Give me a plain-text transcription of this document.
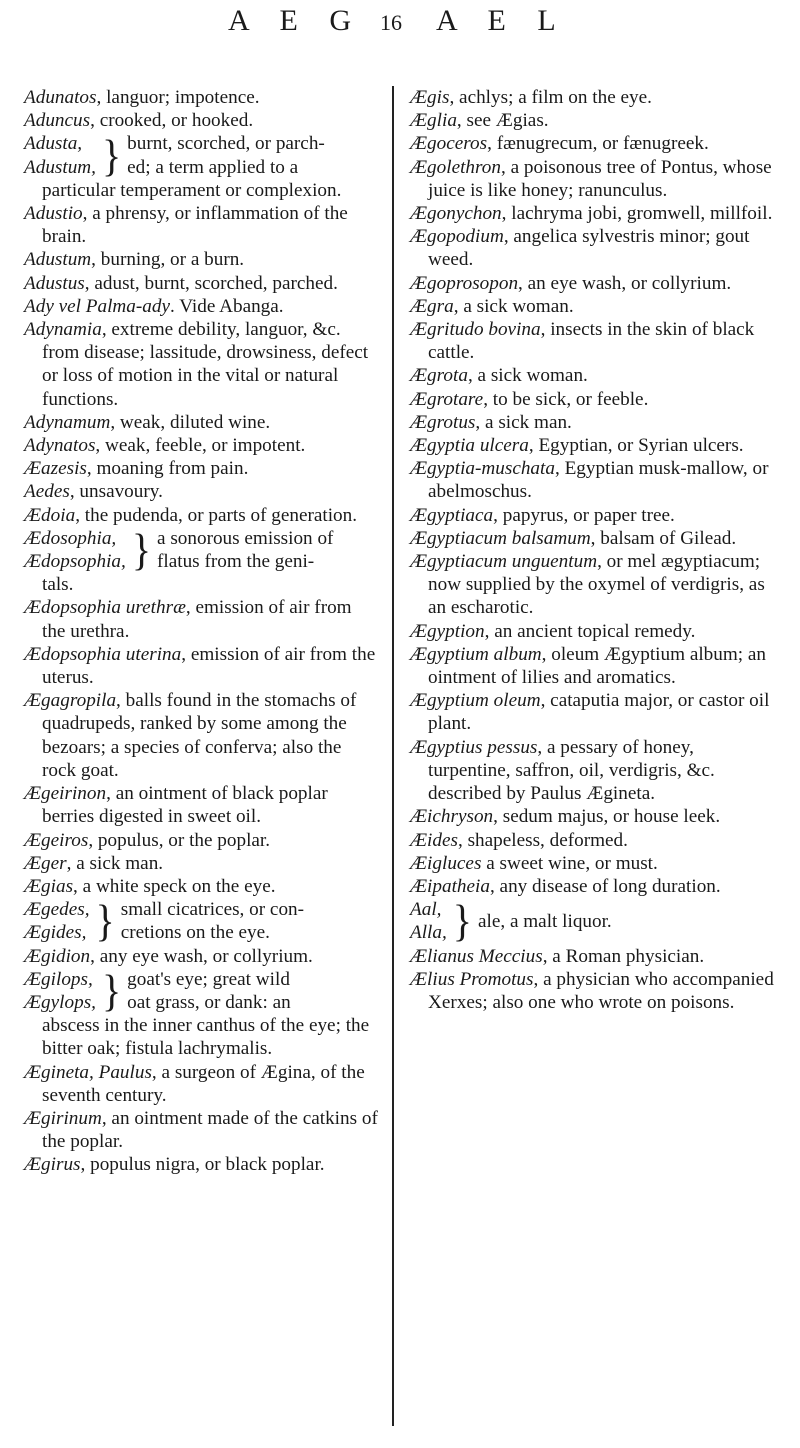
A E G 16 A E L
Adunatos, languor; impotence.
Aduncus, crooked, or hooked.
Adusta,
Adustum, } burnt, scorched, or parch-
ed; a term applied to a
particular temperament or complexion.
Adustio, a phrensy, or inflammation of the brain.
Adustum, burning, or a burn.
Adustus, adust, burnt, scorched, parched.
Ady vel Palma-ady. Vide Abanga.
Adynamia, extreme debility, languor, &c. from disease; lassitude, drowsiness, defect or loss of motion in the vital or natural functions.
Adynamum, weak, diluted wine.
Adynatos, weak, feeble, or impotent.
Æazesis, moaning from pain.
Aedes, unsavoury.
Ædoia, the pudenda, or parts of generation.
Ædosophia,
Ædopsophia, } a sonorous emission of
flatus from the geni-
tals.
Ædopsophia urethræ, emission of air from the urethra.
Ædopsophia uterina, emission of air from the uterus.
Ægagropila, balls found in the stomachs of quadrupeds, ranked by some among the bezoars; a species of conferva; also the rock goat.
Ægeirinon, an ointment of black poplar berries digested in sweet oil.
Ægeiros, populus, or the poplar.
Æger, a sick man.
Ægias, a white speck on the eye.
Ægedes,
Ægides, } small cicatrices, or con-
cretions on the eye.
Ægidion, any eye wash, or collyrium.
Ægilops,
Ægylops, } goat's eye; great wild
oat grass, or dank: an
abscess in the inner canthus of the eye; the bitter oak; fistula lachrymalis.
Ægineta, Paulus, a surgeon of Ægina, of the seventh century.
Ægirinum, an ointment made of the catkins of the poplar.
Ægirus, populus nigra, or black poplar.
Ægis, achlys; a film on the eye.
Æglia, see Ægias.
Ægoceros, fænugrecum, or fænugreek.
Ægolethron, a poisonous tree of Pontus, whose juice is like honey; ranunculus.
Ægonychon, lachryma jobi, gromwell, millfoil.
Ægopodium, angelica sylvestris minor; gout weed.
Ægoprosopon, an eye wash, or collyrium.
Ægra, a sick woman.
Ægritudo bovina, insects in the skin of black cattle.
Ægrota, a sick woman.
Ægrotare, to be sick, or feeble.
Ægrotus, a sick man.
Ægyptia ulcera, Egyptian, or Syrian ulcers.
Ægyptia-muschata, Egyptian musk-mallow, or abelmoschus.
Ægyptiaca, papyrus, or paper tree.
Ægyptiacum balsamum, balsam of Gilead.
Ægyptiacum unguentum, or mel ægyptiacum; now supplied by the oxymel of verdigris, as an escharotic.
Ægyption, an ancient topical remedy.
Ægyptium album, oleum Ægyptium album; an ointment of lilies and aromatics.
Ægyptium oleum, cataputia major, or castor oil plant.
Ægyptius pessus, a pessary of honey, turpentine, saffron, oil, verdigris, &c. described by Paulus Ægineta.
Æichryson, sedum majus, or house leek.
Æides, shapeless, deformed.
Æigluces a sweet wine, or must.
Æipatheia, any disease of long duration.
Aal,
Alla, } ale, a malt liquor.
Ælianus Meccius, a Roman physician.
Ælius Promotus, a physician who accompanied Xerxes; also one who wrote on poisons.
